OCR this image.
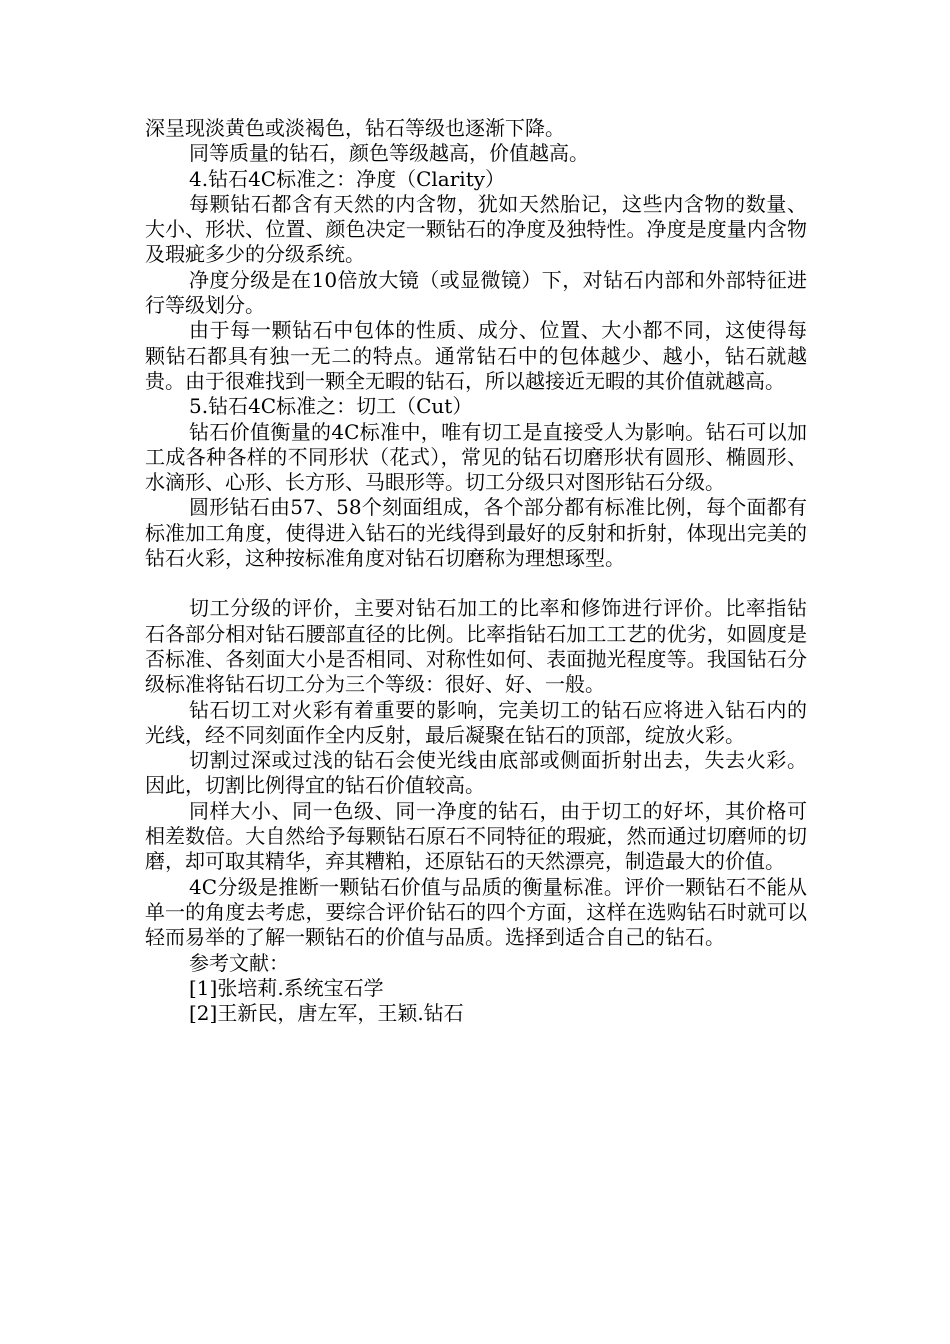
深呈现淡黄色或淡褐色，钻石等级也逐渐下降。

同等质量的钻石，颜色等级越高，价值越高。

4.钻石4C标准之：净度（Clarity）

每颗钻石都含有天然的内含物，犹如天然胎记，这些内含物的数量、大小、形状、位置、颜色决定一颗钻石的净度及独特性。净度是度量内含物及瑕疵多少的分级系统。

净度分级是在10倍放大镜（或显微镜）下，对钻石内部和外部特征进行等级划分。

由于每一颗钻石中包体的性质、成分、位置、大小都不同，这使得每颗钻石都具有独一无二的特点。通常钻石中的包体越少、越小，钻石就越贵。由于很难找到一颗全无暇的钻石，所以越接近无暇的其价值就越高。

5.钻石4C标准之：切工（Cut）

钻石价值衡量的4C标准中，唯有切工是直接受人为影响。钻石可以加工成各种各样的不同形状（花式），常见的钻石切磨形状有圆形、椭圆形、水滴形、心形、长方形、马眼形等。切工分级只对图形钻石分级。

圆形钻石由57、58个刻面组成，各个部分都有标准比例，每个面都有标准加工角度，使得进入钻石的光线得到最好的反射和折射，体现出完美的钻石火彩，这种按标准角度对钻石切磨称为理想琢型。

切工分级的评价，主要对钻石加工的比率和修饰进行评价。比率指钻石各部分相对钻石腰部直径的比例。比率指钻石加工工艺的优劣，如圆度是否标准、各刻面大小是否相同、对称性如何、表面抛光程度等。我国钻石分级标准将钻石切工分为三个等级：很好、好、一般。

钻石切工对火彩有着重要的影响，完美切工的钻石应将进入钻石内的光线，经不同刻面作全内反射，最后凝聚在钻石的顶部，绽放火彩。

切割过深或过浅的钻石会使光线由底部或侧面折射出去，失去火彩。因此，切割比例得宜的钻石价值较高。

同样大小、同一色级、同一净度的钻石，由于切工的好坏，其价格可相差数倍。大自然给予每颗钻石原石不同特征的瑕疵，然而通过切磨师的切磨，却可取其精华，弃其糟粕，还原钻石的天然漂亮，制造最大的价值。

4C分级是推断一颗钻石价值与品质的衡量标准。评价一颗钻石不能从单一的角度去考虑，要综合评价钻石的四个方面，这样在选购钻石时就可以轻而易举的了解一颗钻石的价值与品质。选择到适合自己的钻石。

参考文献：

[1]张培莉.系统宝石学

[2]王新民，唐左军，王颖.钻石
